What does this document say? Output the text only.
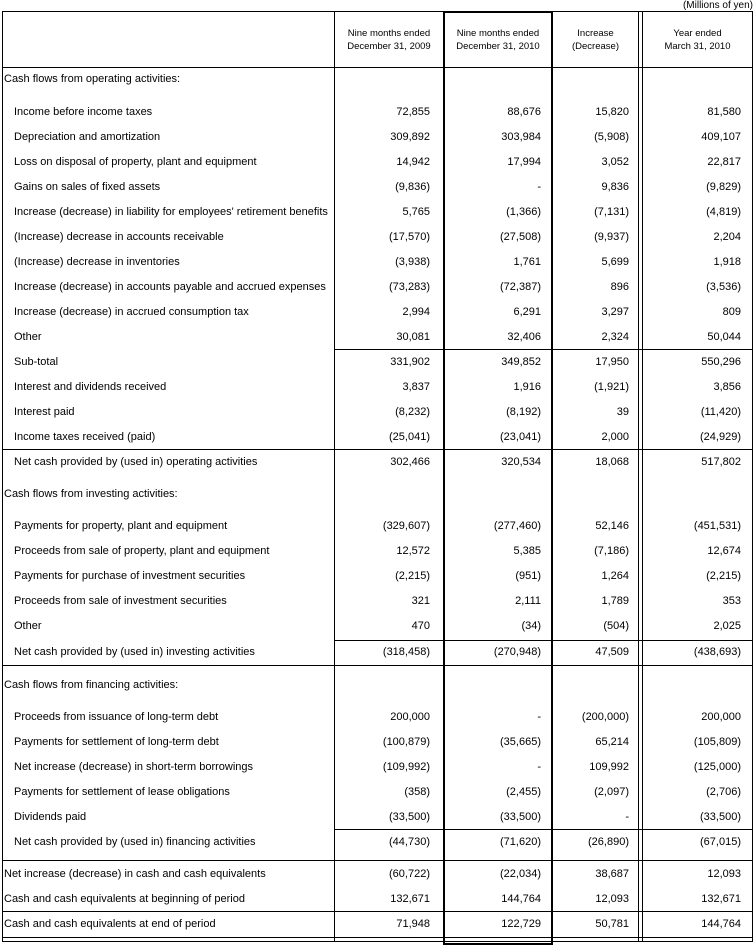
(Millions of yen)
Nine months ended
December 31, 2009
Nine months ended
December 31, 2010
Increase
(Decrease)
Year ended
March 31, 2010
Cash flows from operating activities:
Income before income taxes	72,855	88,676	15,820	81,580
Depreciation and amortization	309,892	303,984	(5,908)	409,107
Loss on disposal of property, plant and equipment	14,942	17,994	3,052	22,817
Gains on sales of fixed assets	(9,836)	-	9,836	(9,829)
Increase (decrease) in liability for employees' retirement benefits	5,765	(1,366)	(7,131)	(4,819)
(Increase) decrease in accounts receivable	(17,570)	(27,508)	(9,937)	2,204
(Increase) decrease in inventories	(3,938)	1,761	5,699	1,918
Increase (decrease) in accounts payable and accrued expenses	(73,283)	(72,387)	896	(3,536)
Increase (decrease) in accrued consumption tax	2,994	6,291	3,297	809
Other	30,081	32,406	2,324	50,044
Sub-total	331,902	349,852	17,950	550,296
Interest and dividends received	3,837	1,916	(1,921)	3,856
Interest paid	(8,232)	(8,192)	39	(11,420)
Income taxes received (paid)	(25,041)	(23,041)	2,000	(24,929)
Net cash provided by (used in) operating activities	302,466	320,534	18,068	517,802
Cash flows from investing activities:
Payments for property, plant and equipment	(329,607)	(277,460)	52,146	(451,531)
Proceeds from sale of property, plant and equipment	12,572	5,385	(7,186)	12,674
Payments for purchase of investment securities	(2,215)	(951)	1,264	(2,215)
Proceeds from sale of investment securities	321	2,111	1,789	353
Other	470	(34)	(504)	2,025
Net cash provided by (used in) investing activities	(318,458)	(270,948)	47,509	(438,693)
Cash flows from financing activities:
Proceeds from issuance of long-term debt	200,000	-	(200,000)	200,000
Payments for settlement of long-term debt	(100,879)	(35,665)	65,214	(105,809)
Net increase (decrease) in short-term borrowings	(109,992)	-	109,992	(125,000)
Payments for settlement of lease obligations	(358)	(2,455)	(2,097)	(2,706)
Dividends paid	(33,500)	(33,500)	-	(33,500)
Net cash provided by (used in) financing activities	(44,730)	(71,620)	(26,890)	(67,015)
Net increase (decrease) in cash and cash equivalents	(60,722)	(22,034)	38,687	12,093
Cash and cash equivalents at beginning of period	132,671	144,764	12,093	132,671
Cash and cash equivalents at end of period	71,948	122,729	50,781	144,764
